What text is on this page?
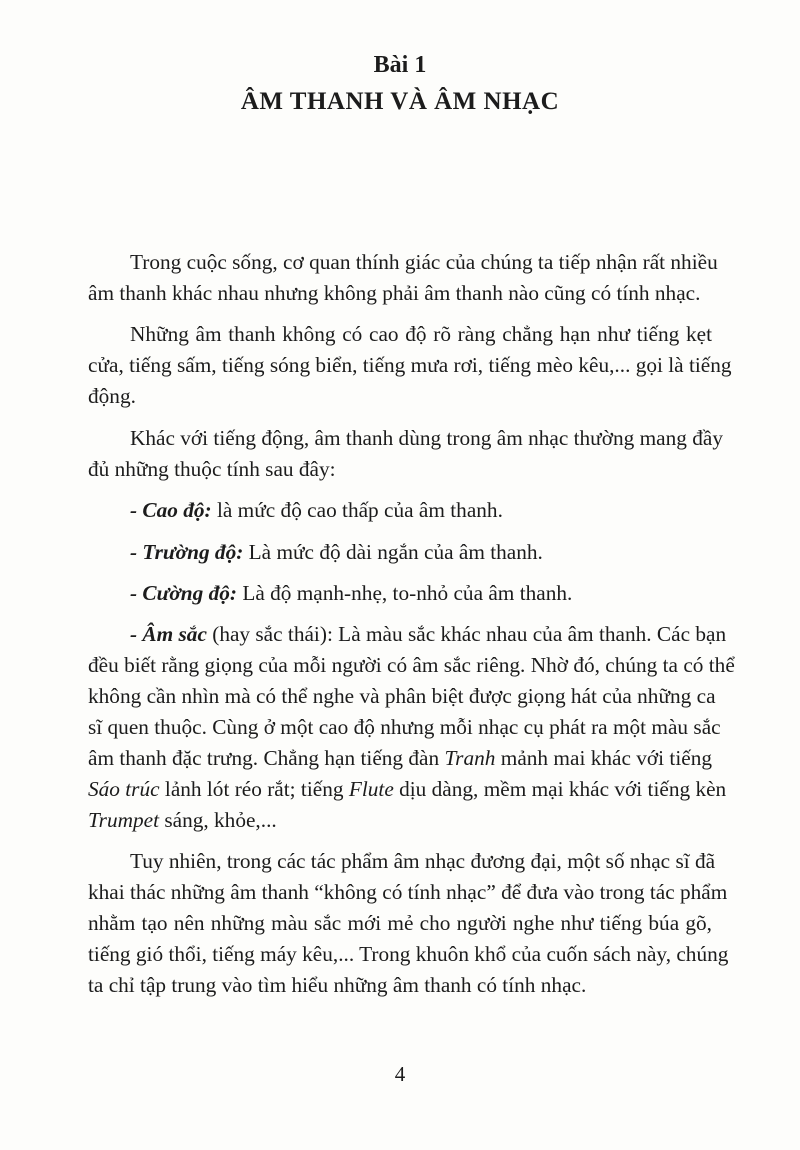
Bài 1
ÂM THANH VÀ ÂM NHẠC
Trong cuộc sống, cơ quan thính giác của chúng ta tiếp nhận rất nhiều
âm thanh khác nhau nhưng không phải âm thanh nào cũng có tính nhạc.
Những âm thanh không có cao độ rõ ràng chẳng hạn như tiếng kẹt
cửa, tiếng sấm, tiếng sóng biển, tiếng mưa rơi, tiếng mèo kêu,... gọi là tiếng
động.
Khác với tiếng động, âm thanh dùng trong âm nhạc thường mang đầy
đủ những thuộc tính sau đây:
- Cao độ: là mức độ cao thấp của âm thanh.
- Trường độ: Là mức độ dài ngắn của âm thanh.
- Cường độ: Là độ mạnh-nhẹ, to-nhỏ của âm thanh.
- Âm sắc (hay sắc thái): Là màu sắc khác nhau của âm thanh. Các bạn
đều biết rằng giọng của mỗi người có âm sắc riêng. Nhờ đó, chúng ta có thể
không cần nhìn mà có thể nghe và phân biệt được giọng hát của những ca
sĩ quen thuộc. Cùng ở một cao độ nhưng mỗi nhạc cụ phát ra một màu sắc
âm thanh đặc trưng. Chẳng hạn tiếng đàn Tranh mảnh mai khác với tiếng
Sáo trúc lảnh lót réo rắt; tiếng Flute dịu dàng, mềm mại khác với tiếng kèn
Trumpet sáng, khỏe,...
Tuy nhiên, trong các tác phẩm âm nhạc đương đại, một số nhạc sĩ đã
khai thác những âm thanh “không có tính nhạc” để đưa vào trong tác phẩm
nhằm tạo nên những màu sắc mới mẻ cho người nghe như tiếng búa gõ,
tiếng gió thổi, tiếng máy kêu,... Trong khuôn khổ của cuốn sách này, chúng
ta chỉ tập trung vào tìm hiểu những âm thanh có tính nhạc.
4
